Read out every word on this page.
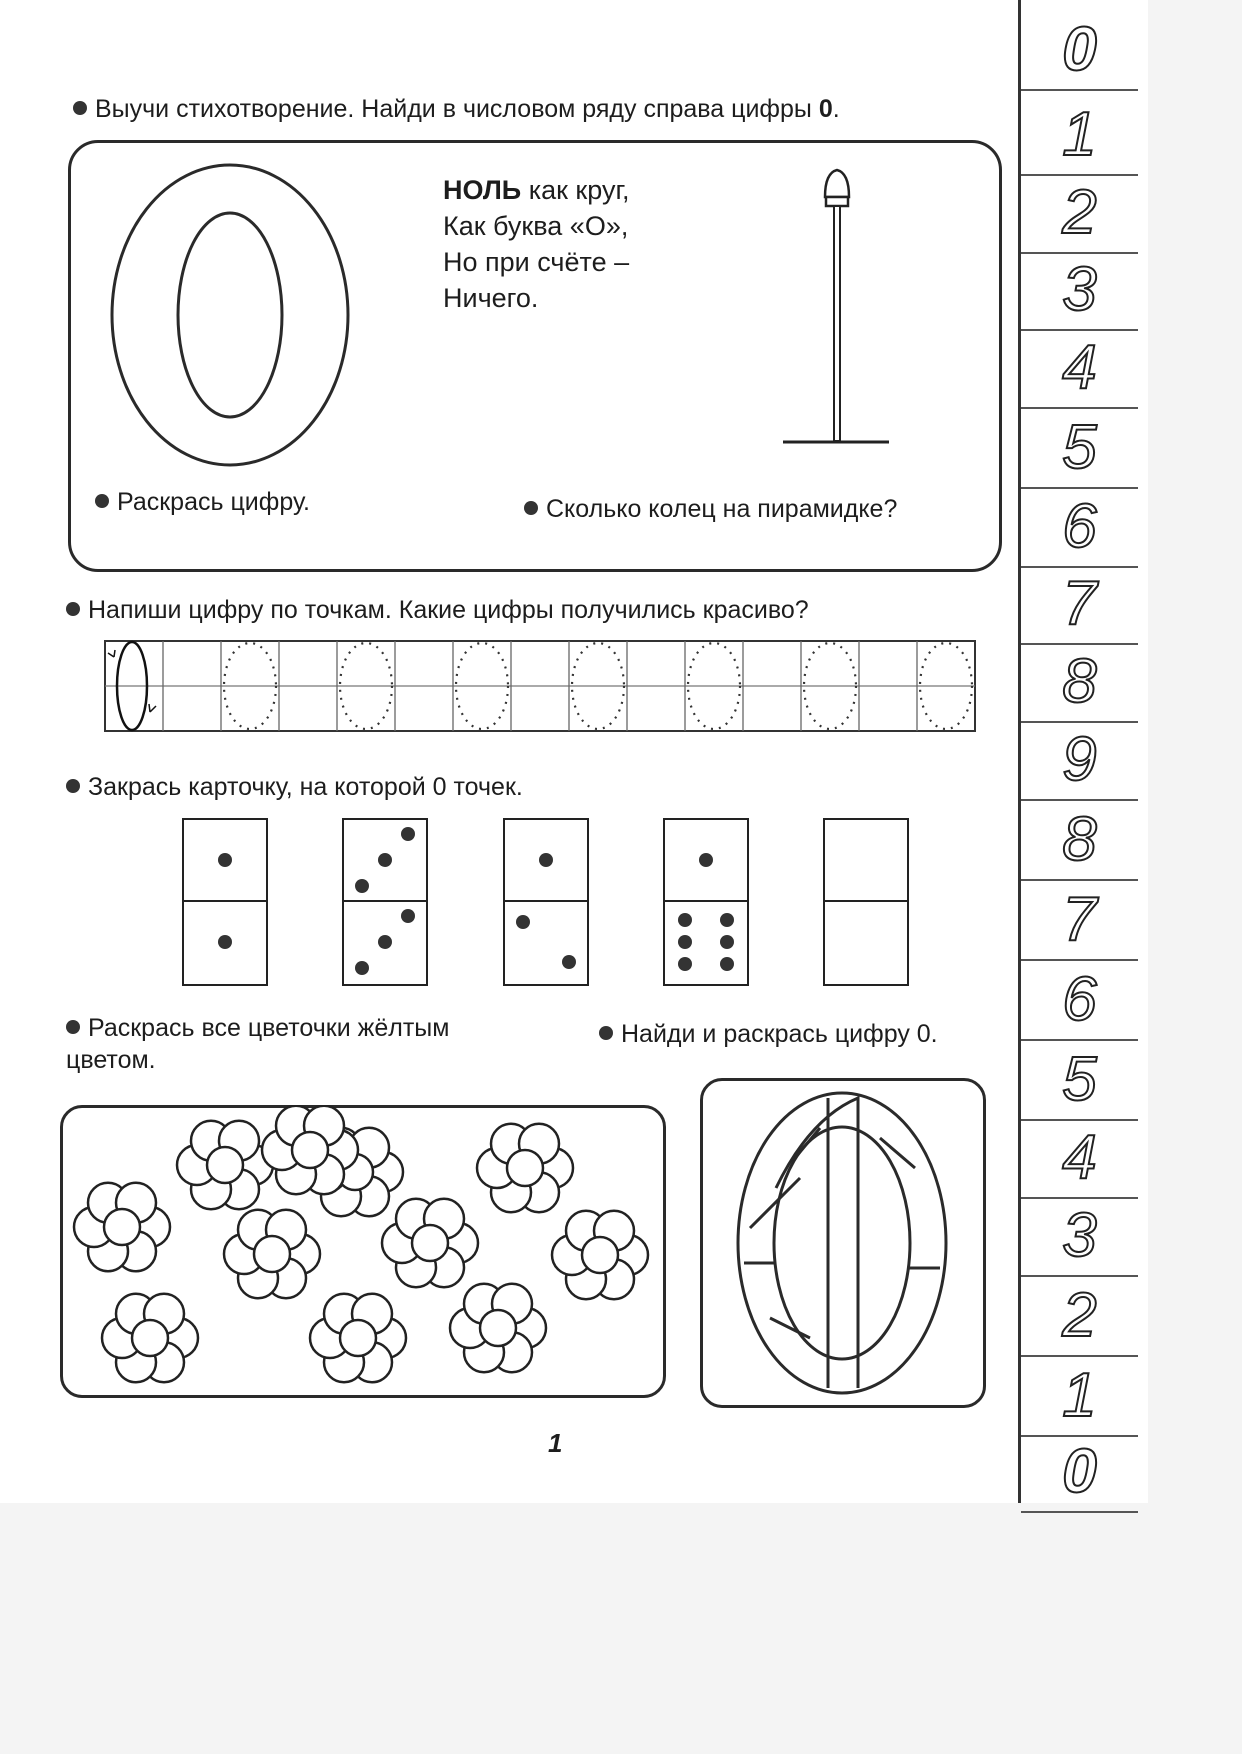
Выучи стихотворение. Найди в числовом ряду справа цифры 0.
НОЛЬ как круг,
Как буква «О»,
Но при счёте –
Ничего.
Раскрась цифру.	Сколько колец на пирамидке?
Напиши цифру по точкам. Какие цифры получились красиво?
Закрась карточку, на которой 0 точек.
Раскрась все цветочки жёлтым
цветом.
Найди и раскрась цифру 0.
1
0
1
2
3
4
5
6
7
8
9
8
7
6
5
4
3
2
1
0
